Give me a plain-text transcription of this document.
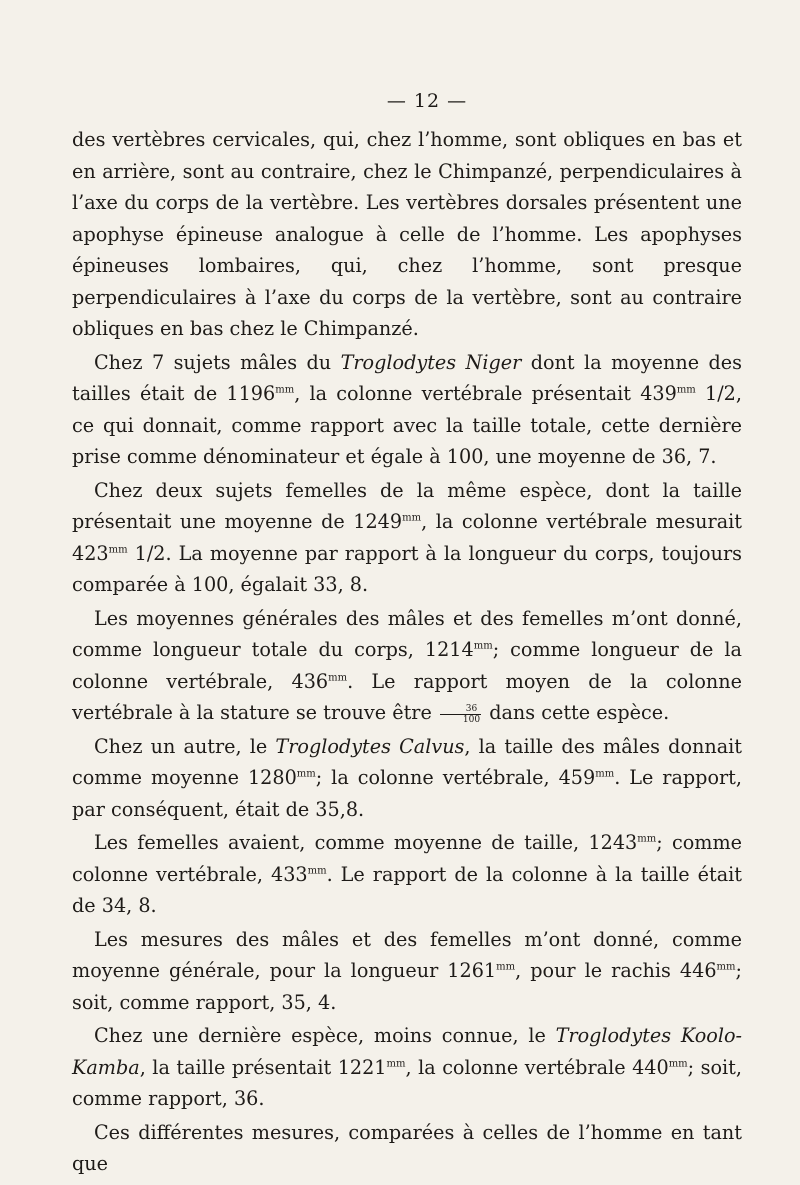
— 12 —

des vertèbres cervicales, qui, chez l’homme, sont obliques en bas et en arrière, sont au contraire, chez le Chimpanzé, perpendiculaires à l’axe du corps de la vertèbre. Les vertèbres dorsales présentent une apophyse épineuse analogue à celle de l’homme. Les apophyses épineuses lombaires, qui, chez l’homme, sont presque perpendiculaires à l’axe du corps de la vertèbre, sont au contraire obliques en bas chez le Chimpanzé.

Chez 7 sujets mâles du Troglodytes Niger dont la moyenne des tailles était de $1196^{mm}$, la colonne vertébrale présentait $439^{mm}$ 1/2, ce qui donnait, comme rapport avec la taille totale, cette dernière prise comme dénominateur et égale à 100, une moyenne de 36, 7.

Chez deux sujets femelles de la même espèce, dont la taille présentait une moyenne de $1249^{mm}$, la colonne vertébrale mesurait $423^{mm}$ 1/2. La moyenne par rapport à la longueur du corps, toujours comparée à 100, égalait 33, 8.

Les moyennes générales des mâles et des femelles m’ont donné, comme longueur totale du corps, $1214^{mm}$; comme longueur de la colonne vertébrale, $436^{mm}$. Le rapport moyen de la colonne vertébrale à la stature se trouve être $\frac{36}{100}$ dans cette espèce.

Chez un autre, le Troglodytes Calvus, la taille des mâles donnait comme moyenne $1280^{mm}$; la colonne vertébrale, $459^{mm}$. Le rapport, par conséquent, était de 35,8.

Les femelles avaient, comme moyenne de taille, $1243^{mm}$; comme colonne vertébrale, $433^{mm}$. Le rapport de la colonne à la taille était de 34, 8.

Les mesures des mâles et des femelles m’ont donné, comme moyenne générale, pour la longueur $1261^{mm}$, pour le rachis $446^{mm}$; soit, comme rapport, 35, 4.

Chez une dernière espèce, moins connue, le Troglodytes Koolo-Kamba, la taille présentait $1221^{mm}$, la colonne vertébrale $440^{mm}$; soit, comme rapport, 36.

Ces différentes mesures, comparées à celles de l’homme en tant que
